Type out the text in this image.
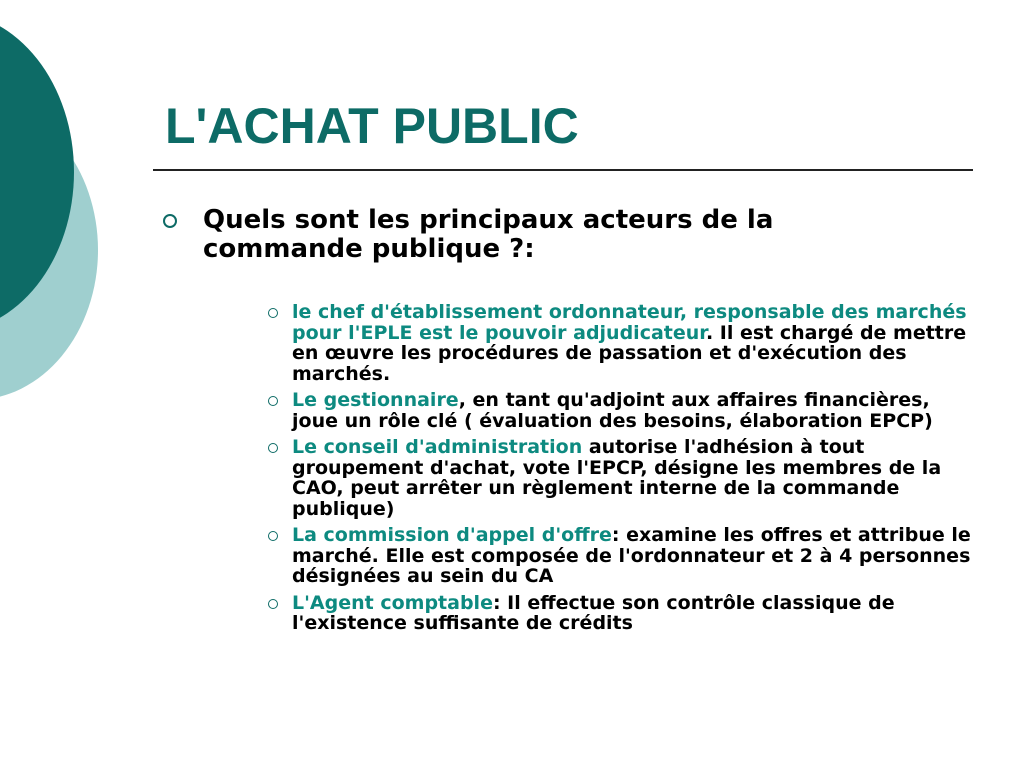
L'ACHAT PUBLIC

Quels sont les principaux acteurs de la commande publique ?:

le chef d'établissement ordonnateur, responsable des marchés pour l'EPLE est le pouvoir adjudicateur. Il est chargé de mettre en œuvre les procédures de passation et d'exécution des marchés.
Le gestionnaire, en tant qu'adjoint aux affaires financières, joue un rôle clé ( évaluation des besoins, élaboration EPCP)
Le conseil d'administration autorise l'adhésion à tout groupement d'achat, vote l'EPCP, désigne les membres de la CAO, peut arrêter un règlement interne de la commande publique)
La commission d'appel d'offre: examine les offres et attribue le marché. Elle est composée de l'ordonnateur et 2 à 4 personnes désignées au sein du CA
L'Agent comptable: Il effectue son contrôle classique de l'existence suffisante de crédits
